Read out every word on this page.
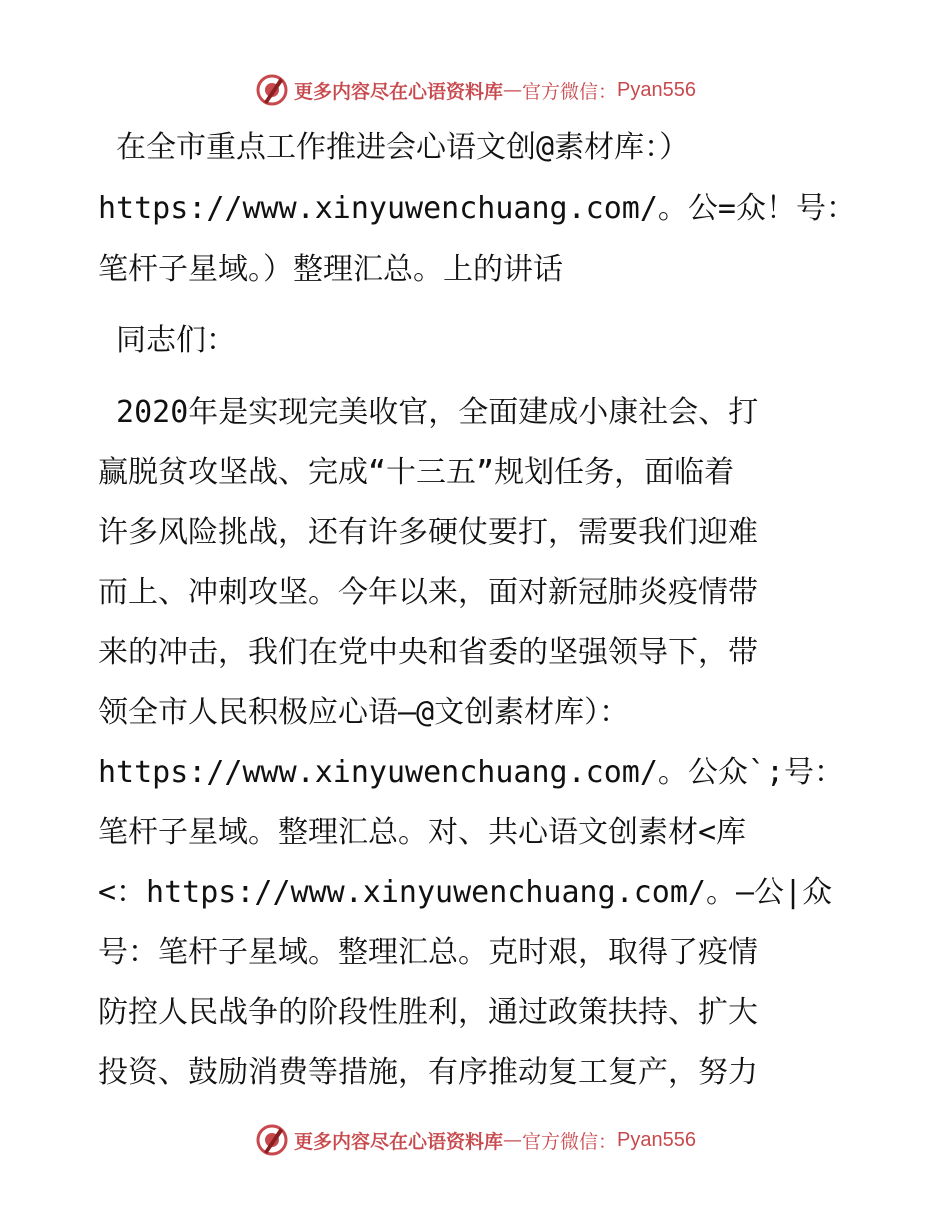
更多内容尽在心语资料库 — 官方微信： Pyan556
在全市重点工作推进会心语文创@素材库：）
https://www.xinyuwenchuang.com/。公=众！号：
笔杆子星域。）整理汇总。上的讲话
同志们：
2020年是实现完美收官，全面建成小康社会、打
赢脱贫攻坚战、完成“十三五”规划任务，面临着
许多风险挑战，还有许多硬仗要打，需要我们迎难
而上、冲刺攻坚。今年以来，面对新冠肺炎疫情带
来的冲击，我们在党中央和省委的坚强领导下，带
领全市人民积极应心语—@文创素材库）：
https://www.xinyuwenchuang.com/。公众`;号：
笔杆子星域。整理汇总。对、共心语文创素材<库
<：https://www.xinyuwenchuang.com/。—公|众
号：笔杆子星域。整理汇总。克时艰，取得了疫情
防控人民战争的阶段性胜利，通过政策扶持、扩大
投资、鼓励消费等措施，有序推动复工复产，努力
更多内容尽在心语资料库 — 官方微信： Pyan556
